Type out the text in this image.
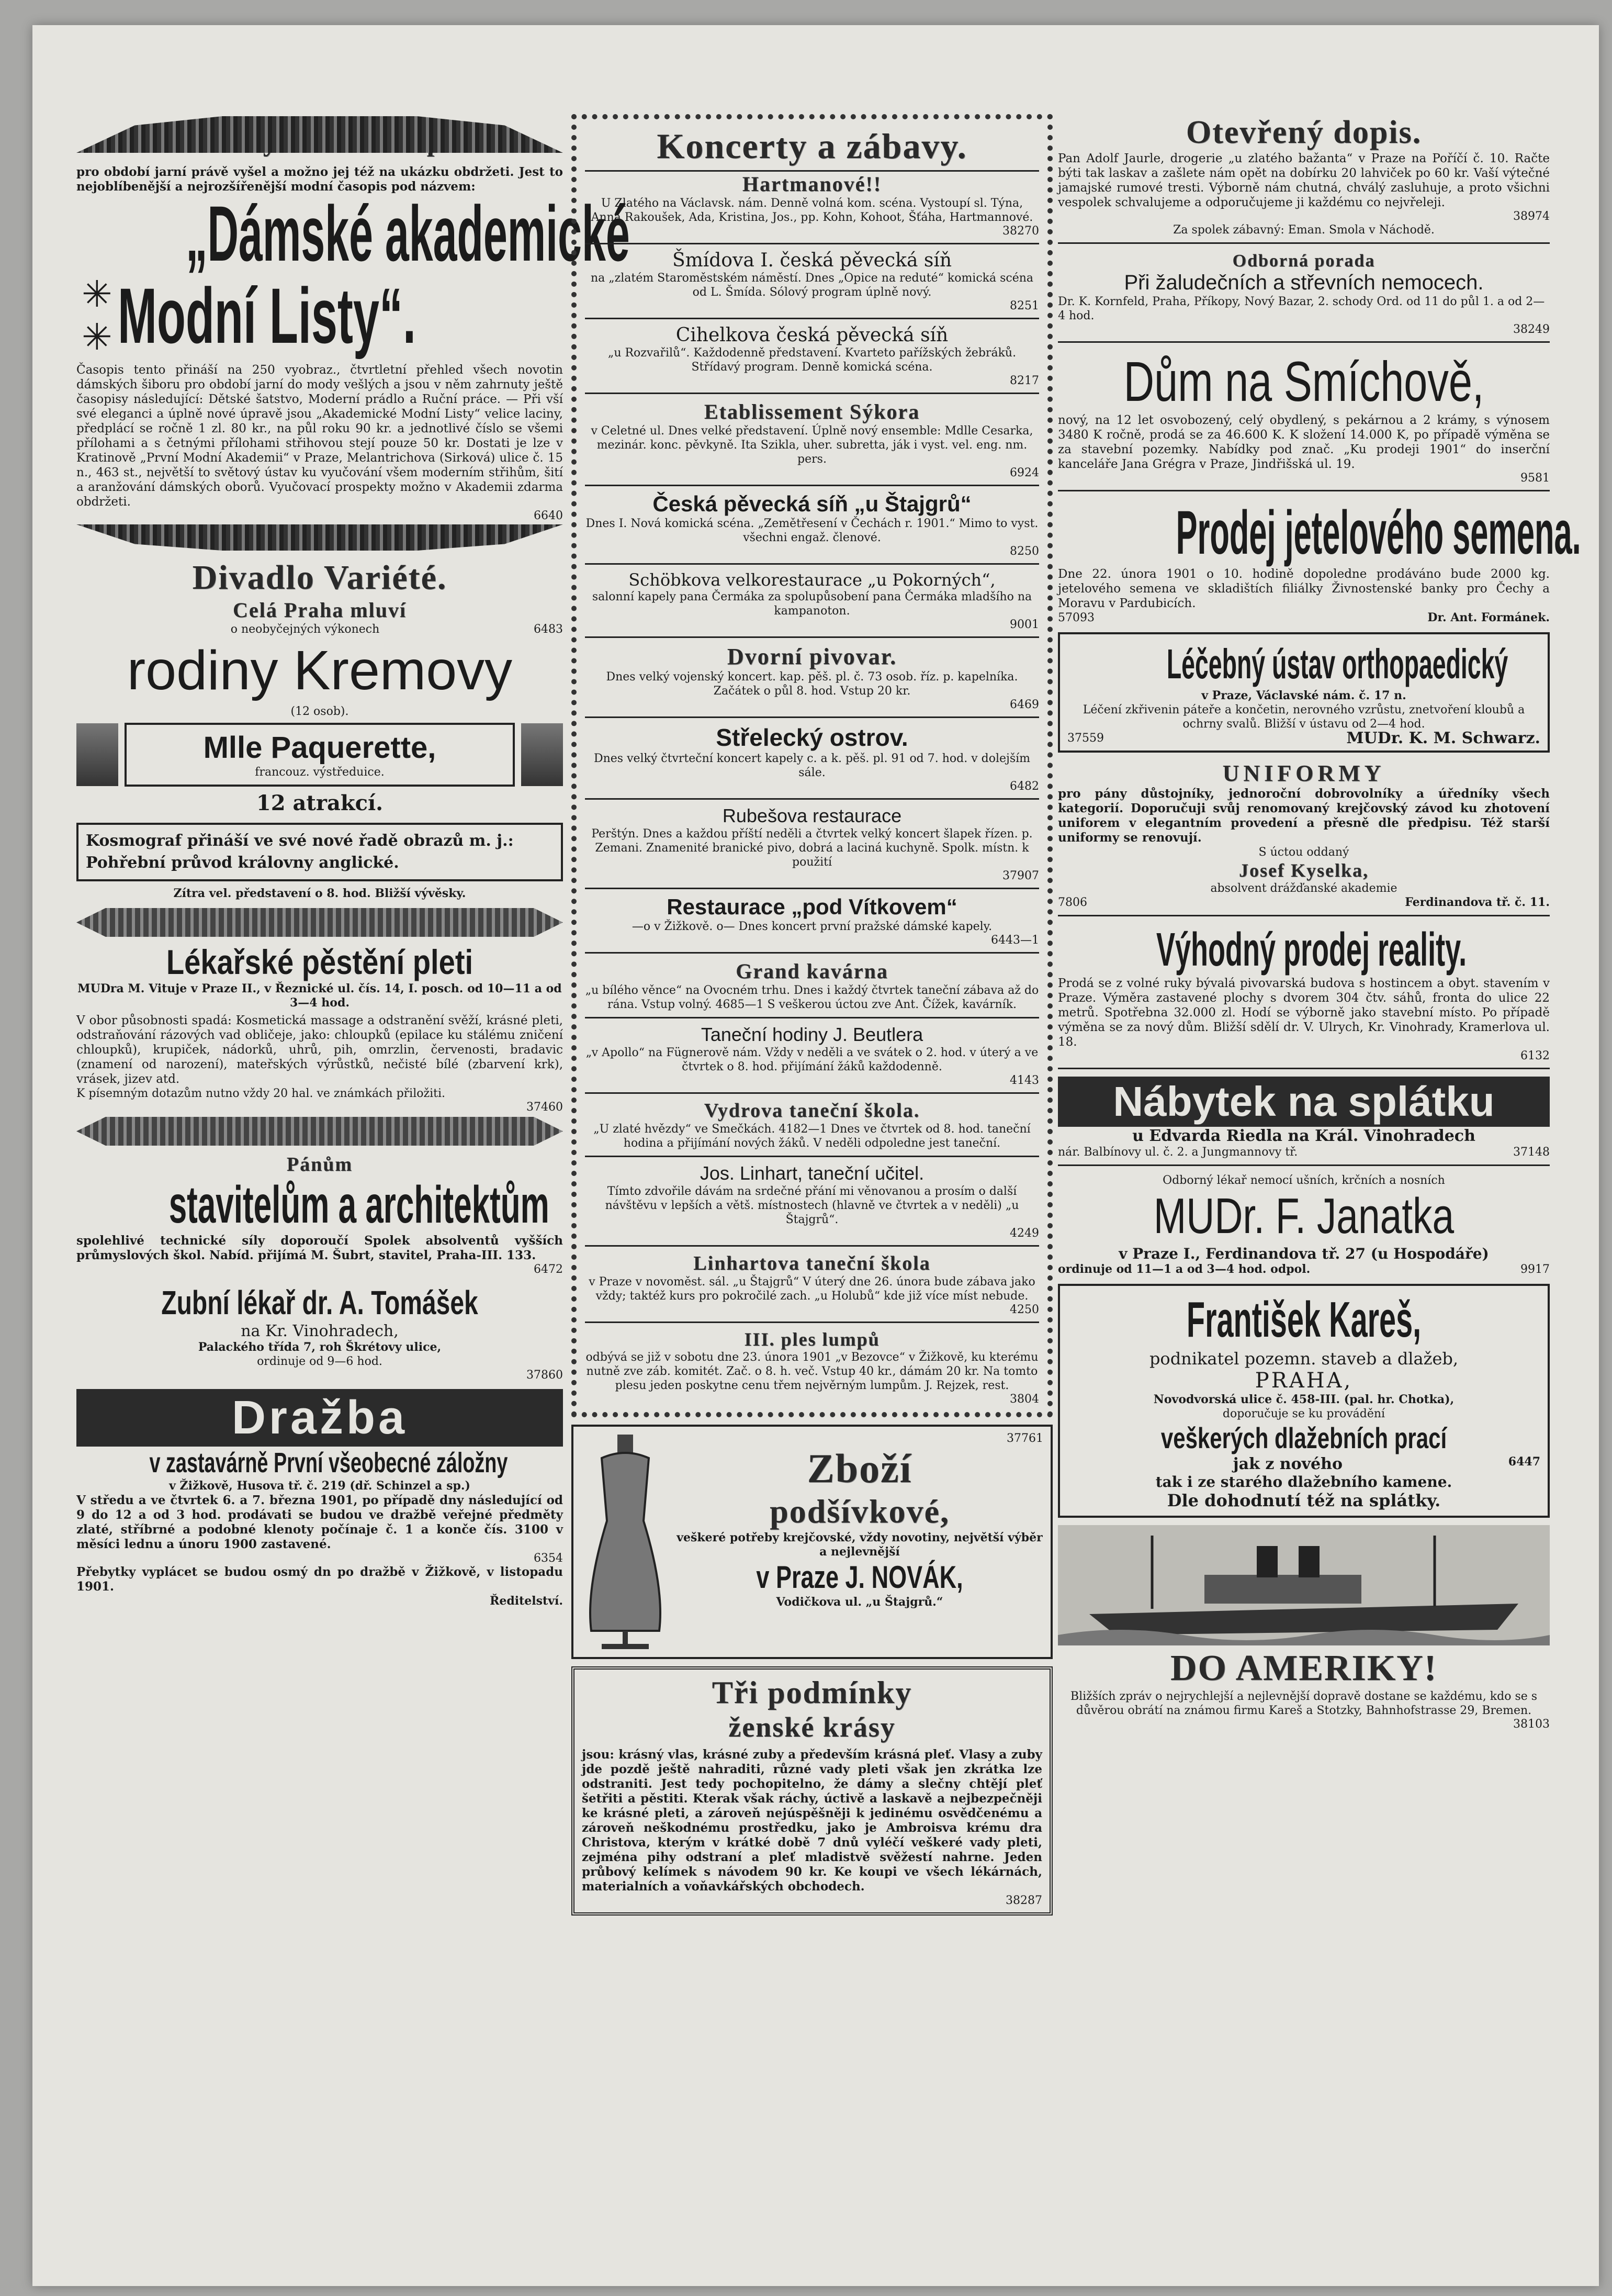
pro období jarní právě vyšel a možno jej též na ukázku obdržeti. Jest to nejoblíbenější a nejrozšířenější modní časopis pod názvem:
„Dámské akademické
✳ ✳ Modní Listy“.
Časopis tento přináší na 250 vyobraz., čtvrtletní přehled všech novotin dámských šiboru pro období jarní do mody vešlých a jsou v něm zahrnuty ještě časopisy následující: Dětské šatstvo, Moderní prádlo a Ruční práce. — Při vší své eleganci a úplně nové úpravě jsou „Akademické Modní Listy“ velice laciny, předplácí se ročně 1 zl. 80 kr., na půl roku 90 kr. a jednotlivé číslo se všemi přílohami a s četnými přílohami střihovou stejí pouze 50 kr. Dostati je lze v Kratinově „První Modní Akademii“ v Praze, Melantrichova (Sirková) ulice č. 15 n., 463 st., největší to světový ústav ku vyučování všem moderním střihům, šití a aranžování dámských oborů. Vyučovací prospekty možno v Akademii zdarma obdržeti.
6640
Divadlo Variété.
Celá Praha mluví
o neobyčejných výkonech	6483
rodiny Kremovy
(12 osob).
Mlle Paquerette,
francouz. výstředuice.
12 atrakcí.
Kosmograf přináší ve své nové řadě obrazů m. j.: Pohřební průvod královny anglické.
Zítra vel. představení o 8. hod. Bližší vývěsky.
Lékařské pěstění pleti
MUDra M. Vituje v Praze II., v Řeznické ul. čís. 14, I. posch. od 10—11 a od 3—4 hod.
V obor působnosti spadá: Kosmetická massage a odstranění svěží, krásné pleti, odstraňování rázových vad obličeje, jako: chloupků (epilace ku stálému zničení chloupků), krupiček, nádorků, uhrů, pih, omrzlin, červenosti, bradavic (znamení od narození), mateřských výrůstků, nečisté bílé (zbarvení krk), vrásek, jizev atd.
K písemným dotazům nutno vždy 20 hal. ve známkách přiložiti.
37460
Pánům
stavitelům a architektům
spolehlivé technické síly doporoučí Spolek absolventů vyšších průmyslových škol. Nabíd. přijímá M. Šubrt, stavitel, Praha-III. 133.
6472
Zubní lékař dr. A. Tomášek
na Kr. Vinohradech,
Palackého třída 7, roh Škrétovy ulice,
ordinuje od 9—6 hod.
37860
Dražba
v zastavárně První všeobecné záložny
v Žižkově, Husova tř. č. 219 (dř. Schinzel a sp.)
V středu a ve čtvrtek 6. a 7. března 1901, po případě dny následující od 9 do 12 a od 3 hod. prodávati se budou ve dražbě veřejné předměty zlaté, stříbrné a podobné klenoty počínaje č. 1 a konče čís. 3100 v měsíci lednu a únoru 1900 zastavené.
6354
Přebytky vyplácet se budou osmý dn po dražbě v Žižkově, v listopadu 1901.
Ředitelství.
Koncerty a zábavy.
Hartmanové!!
U Zlatého na Václavsk. nám. Denně volná kom. scéna. Vystoupí sl. Týna, Anna Rakoušek, Ada, Kristina, Jos., pp. Kohn, Kohoot, Šťáha, Hartmannové.
38270
Šmídova I. česká pěvecká síň
na „zlatém Staroměstském náměstí. Dnes „Opice na reduté“ komická scéna od L. Šmída. Sólový program úplně nový.
8251
Cihelkova česká pěvecká síň
„u Rozvařilů“. Každodenně představení. Kvarteto pařížských žebráků. Střídavý program. Denně komická scéna.
8217
Etablissement Sýkora
v Celetné ul. Dnes velké představení. Úplně nový ensemble: Mdlle Cesarka, mezinár. konc. pěvkyně. Ita Szikla, uher. subretta, ják i vyst. vel. eng. nm. pers.
6924
Česká pěvecká síň „u Štajgrů“
Dnes I. Nová komická scéna. „Zemětřesení v Čechách r. 1901.“ Mimo to vyst. všechni engaž. členové.
8250
Schöbkova velkorestaurace „u Pokorných“,
salonní kapely pana Čermáka za spolupůsobení pana Čermáka mladšího na kampanoton.
9001
Dvorní pivovar.
Dnes velký vojenský koncert. kap. pěš. pl. č. 73 osob. říz. p. kapelníka. Začátek o půl 8. hod. Vstup 20 kr.
6469
Střelecký ostrov.
Dnes velký čtvrteční koncert kapely c. a k. pěš. pl. 91 od 7. hod. v dolejším sále.
6482
Rubešova restaurace
Perštýn. Dnes a každou příští neděli a čtvrtek velký koncert šlapek řízen. p. Zemani. Znamenité branické pivo, dobrá a laciná kuchyně. Spolk. místn. k použití
37907
Restaurace „pod Vítkovem“
—o v Žižkově. o— Dnes koncert první pražské dámské kapely.
6443—1
Grand kavárna
„u bílého věnce“ na Ovocném trhu. Dnes i každý čtvrtek taneční zábava až do rána. Vstup volný. 4685—1 S veškerou úctou zve Ant. Čížek, kavárník.
Taneční hodiny J. Beutlera
„v Apollo“ na Fügnerově nám. Vždy v neděli a ve svátek o 2. hod. v úterý a ve čtvrtek o 8. hod. přijímání žáků každodenně.
4143
Vydrova taneční škola.
„U zlaté hvězdy“ ve Smečkách. 4182—1 Dnes ve čtvrtek od 8. hod. taneční hodina a přijímání nových žáků. V neděli odpoledne jest taneční.
Jos. Linhart, taneční učitel.
Tímto zdvořile dávám na srdečné přání mi věnovanou a prosím o další návštěvu v lepších a větš. místnostech (hlavně ve čtvrtek a v neděli) „u Štajgrů“.
4249
Linhartova taneční škola
v Praze v novoměst. sál. „u Štajgrů“ V úterý dne 26. února bude zábava jako vždy; taktéž kurs pro pokročilé zach. „u Holubů“ kde již více míst nebude.
4250
III. ples lumpů
odbývá se již v sobotu dne 23. února 1901 „v Bezovce“ v Žižkově, ku kterému nutně zve záb. komitét. Zač. o 8. h. več. Vstup 40 kr., dámám 20 kr. Na tomto plesu jeden poskytne cenu třem nejvěrným lumpům. J. Rejzek, rest.
3804
37761
Zboží
podšívkové,
veškeré potřeby krejčovské, vždy novotiny, největší výběr a nejlevnější
v Praze J. NOVÁK,
Vodičkova ul. „u Štajgrů.“
Tři podmínky
ženské krásy
jsou: krásný vlas, krásné zuby a především krásná pleť. Vlasy a zuby jde pozdě ještě nahraditi, různé vady pleti však jen zkrátka lze odstraniti. Jest tedy pochopitelno, že dámy a slečny chtějí pleť šetřiti a pěstiti. Kterak však ráchy, úctivě a laskavě a nejbezpečněji ke krásné pleti, a zároveň nejúspěšněji k jedinému osvědčenému a zároveň neškodnému prostředku, jako je Ambroisva krému dra Christova, kterým v krátké době 7 dnů vyléčí veškeré vady pleti, zejména pihy odstraní a pleť mladistvě svěžestí nahrne. Jeden průbový kelímek s návodem 90 kr. Ke koupi ve všech lékárnách, materialních a voňavkářských obchodech.
38287
Otevřený dopis.
Pan Adolf Jaurle, drogerie „u zlatého bažanta“ v Praze na Poříčí č. 10. Račte býti tak laskav a zašlete nám opět na dobírku 20 lahviček po 60 kr. Vaší výtečné jamajské rumové tresti. Výborně nám chutná, chválý zasluhuje, a proto všichni vespolek schvalujeme a odporučujeme ji každému co nejvřeleji.
38974
Za spolek zábavný: Eman. Smola v Náchodě.
Odborná porada
Při žaludečních a střevních nemocech.
Dr. K. Kornfeld, Praha, Příkopy, Nový Bazar, 2. schody Ord. od 11 do půl 1. a od 2—4 hod.
38249
Dům na Smíchově,
nový, na 12 let osvobozený, celý obydlený, s pekárnou a 2 krámy, s výnosem 3480 K ročně, prodá se za 46.600 K. K složení 14.000 K, po případě výměna se za stavební pozemky. Nabídky pod znač. „Ku prodeji 1901“ do inserční kanceláře Jana Grégra v Praze, Jindřišská ul. 19.
9581
Prodej jetelového semena.
Dne 22. února 1901 o 10. hodině dopoledne prodáváno bude 2000 kg. jetelového semena ve skladištích filiálky Živnostenské banky pro Čechy a Moravu v Pardubicích.
57093	Dr. Ant. Formánek.
Léčebný ústav orthopaedický
v Praze, Václavské nám. č. 17 n.
Léčení zkřivenin páteře a končetin, nerovného vzrůstu, znetvoření kloubů a ochrny svalů. Bližší v ústavu od 2—4 hod.
37559	MUDr. K. M. Schwarz.
UNIFORMY
pro pány důstojníky, jednoroční dobrovolníky a úředníky všech kategorií. Doporučuji svůj renomovaný krejčovský závod ku zhotovení uniforem v elegantním provedení a přesně dle předpisu. Též starší uniformy se renovují.
S úctou oddaný
Josef Kyselka,
absolvent drážďanské akademie
7806	Ferdinandova tř. č. 11.
Výhodný prodej reality.
Prodá se z volné ruky bývalá pivovarská budova s hostincem a obyt. stavením v Praze. Výměra zastavené plochy s dvorem 304 čtv. sáhů, fronta do ulice 22 metrů. Spotřebna 32.000 zl. Hodí se výborně jako stavební místo. Po případě výměna se za nový dům. Bližší sdělí dr. V. Ulrych, Kr. Vinohrady, Kramerlova ul. 18.
6132
Nábytek na splátku
u Edvarda Riedla na Král. Vinohradech
nár. Balbínovy ul. č. 2. a Jungmannovy tř.	37148
Odborný lékař nemocí ušních, krčních a nosních
MUDr. F. Janatka
v Praze I., Ferdinandova tř. 27 (u Hospodáře)
ordinuje od 11—1 a od 3—4 hod. odpol.	9917
František Kareš,
podnikatel pozemn. staveb a dlažeb,
PRAHA,
Novodvorská ulice č. 458-III. (pal. hr. Chotka),
doporučuje se ku provádění
veškerých dlažebních prací
jak z nového	6447
tak i ze starého dlažebního kamene.
Dle dohodnutí též na splátky.
DO AMERIKY!
Bližších zpráv o nejrychlejší a nejlevnější dopravě dostane se každému, kdo se s důvěrou obrátí na známou firmu Kareš a Stotzky, Bahnhofstrasse 29, Bremen.
38103
